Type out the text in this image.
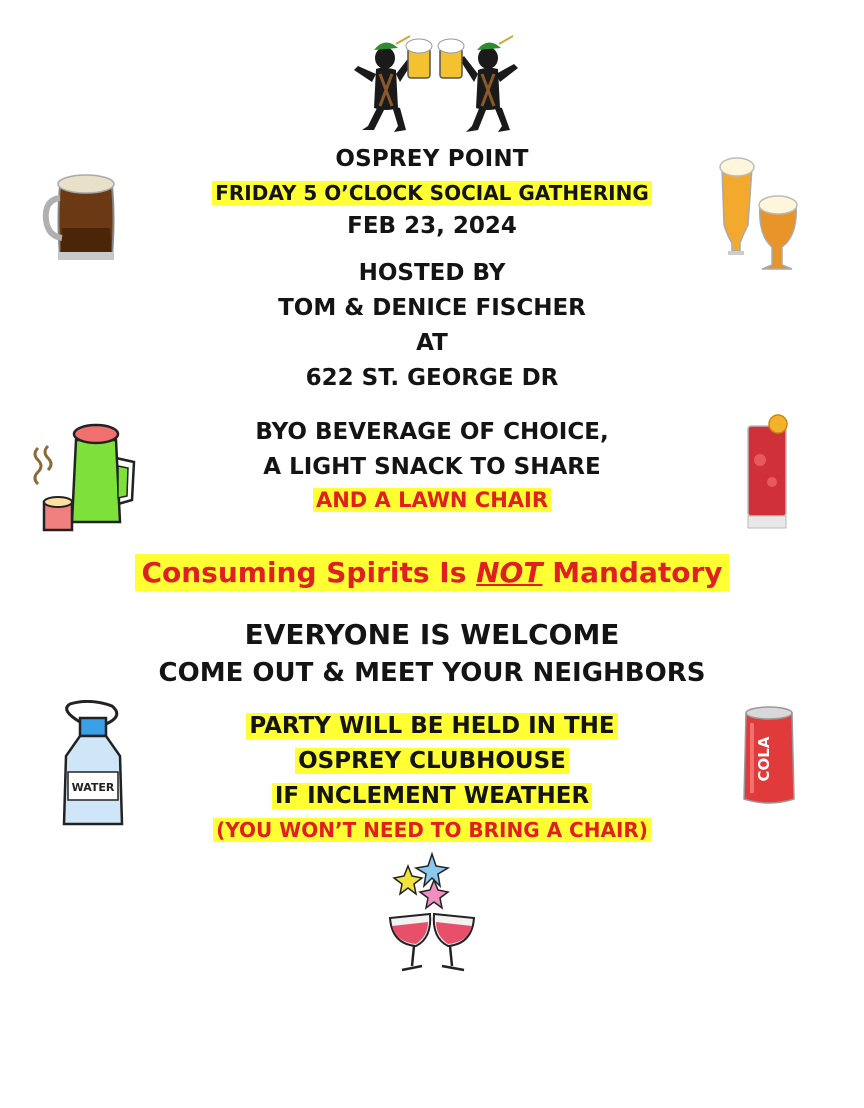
WATER
COLA
OSPREY POINT
FRIDAY 5 O’CLOCK SOCIAL GATHERING
FEB 23, 2024
HOSTED BY
TOM & DENICE FISCHER
AT
622 ST. GEORGE DR
BYO BEVERAGE OF CHOICE,
A LIGHT SNACK TO SHARE
AND A LAWN CHAIR
Consuming Spirits Is NOT Mandatory
EVERYONE IS WELCOME
COME OUT & MEET YOUR NEIGHBORS
PARTY WILL BE HELD IN THE
OSPREY CLUBHOUSE
IF INCLEMENT WEATHER
(YOU WON’T NEED TO BRING A CHAIR)
